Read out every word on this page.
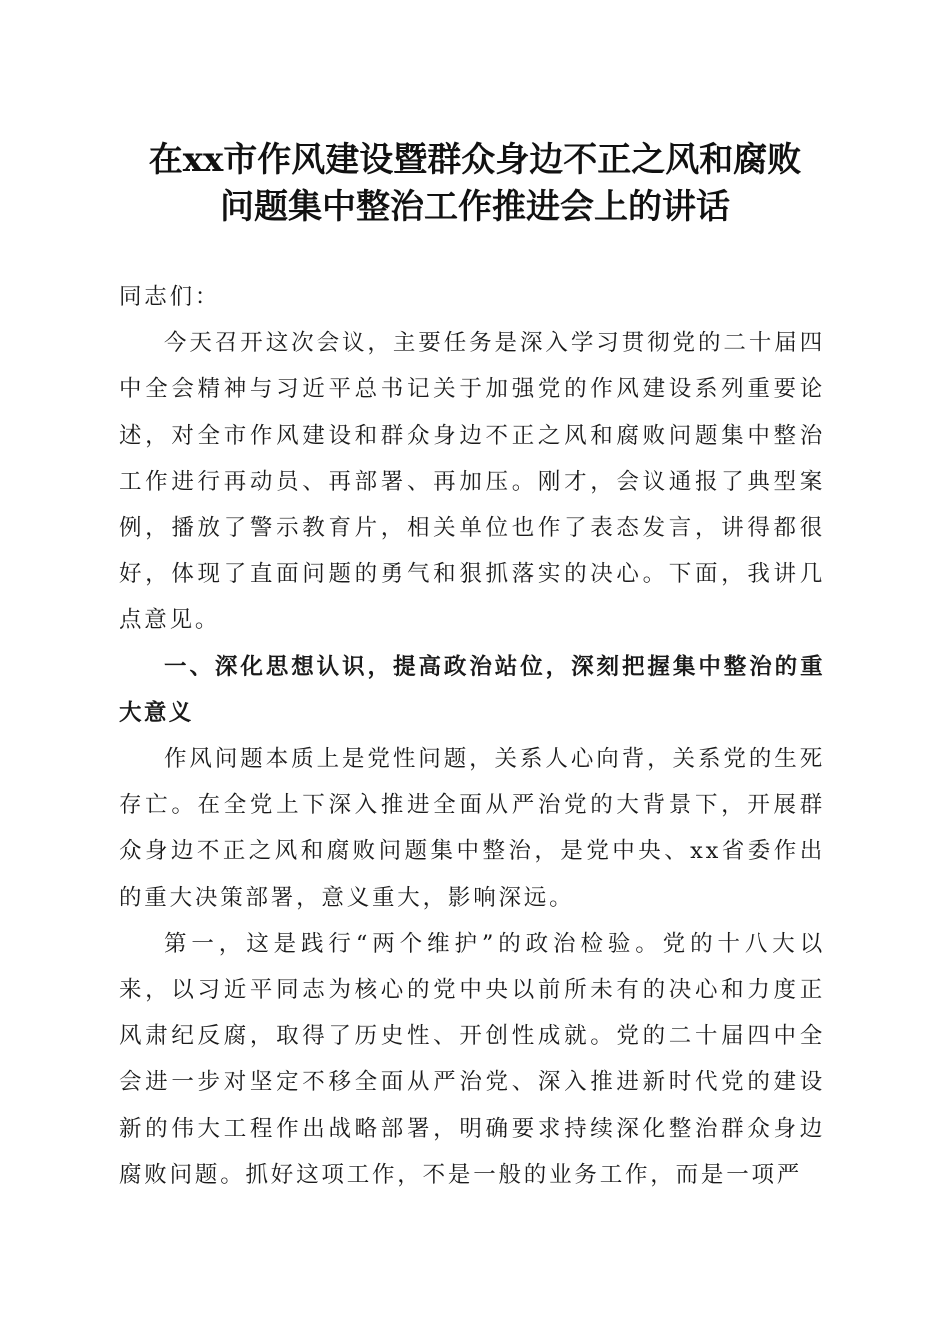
在xx市作风建设暨群众身边不正之风和腐败
问题集中整治工作推进会上的讲话

同志们：

今天召开这次会议，主要任务是深入学习贯彻党的二十届四中全会精神与习近平总书记关于加强党的作风建设系列重要论述，对全市作风建设和群众身边不正之风和腐败问题集中整治工作进行再动员、再部署、再加压。刚才，会议通报了典型案例，播放了警示教育片，相关单位也作了表态发言，讲得都很好，体现了直面问题的勇气和狠抓落实的决心。下面，我讲几点意见。

一、深化思想认识，提高政治站位，深刻把握集中整治的重大意义

作风问题本质上是党性问题，关系人心向背，关系党的生死存亡。在全党上下深入推进全面从严治党的大背景下，开展群众身边不正之风和腐败问题集中整治，是党中央、xx省委作出的重大决策部署，意义重大，影响深远。

第一，这是践行“两个维护”的政治检验。党的十八大以来，以习近平同志为核心的党中央以前所未有的决心和力度正风肃纪反腐，取得了历史性、开创性成就。党的二十届四中全会进一步对坚定不移全面从严治党、深入推进新时代党的建设新的伟大工程作出战略部署，明确要求持续深化整治群众身边腐败问题。抓好这项工作，不是一般的业务工作，而是一项严
